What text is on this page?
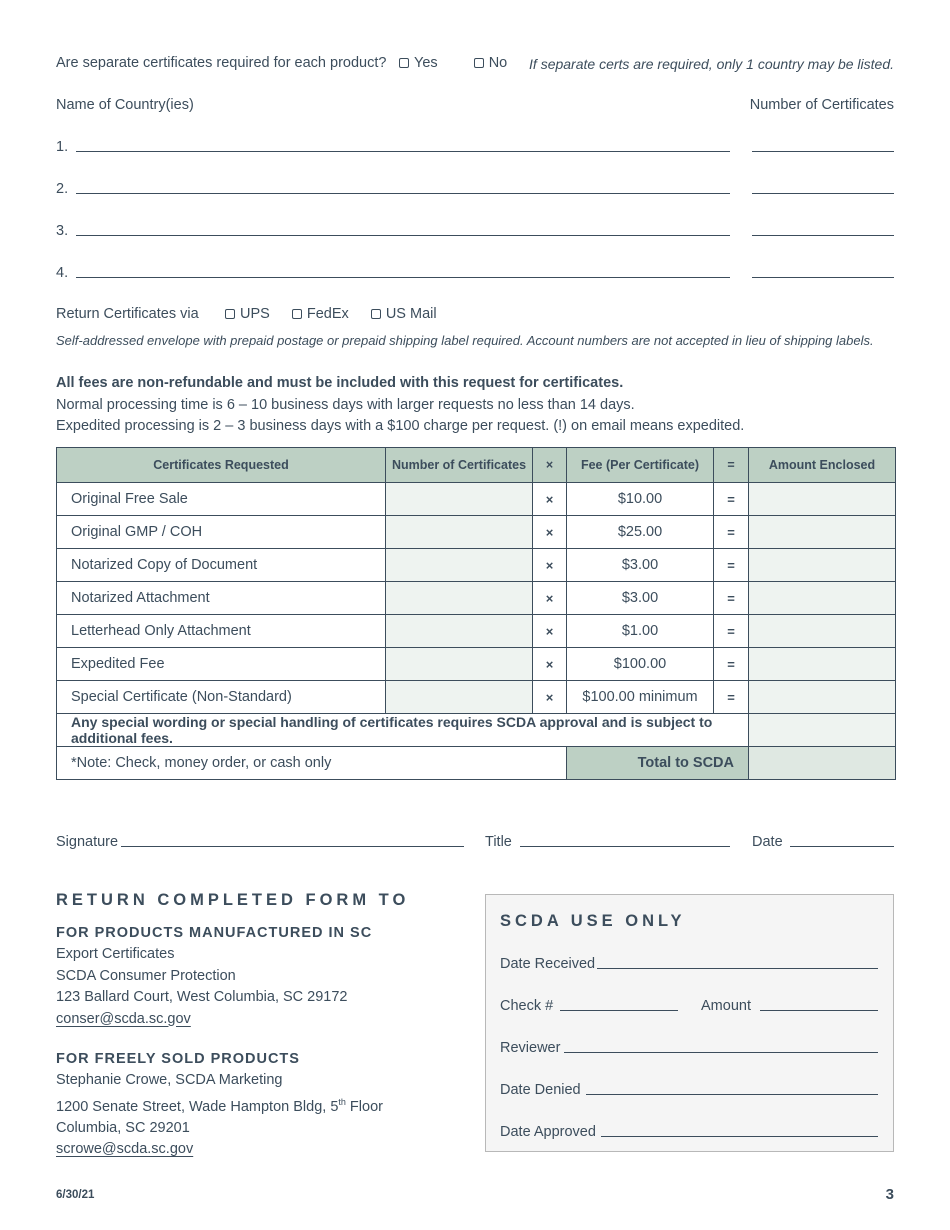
Are separate certificates required for each product?	Yes	No	If separate certs are required, only 1 country may be listed.
Name of Country(ies)	Number of Certificates
1.
2.
3.
4.
Return Certificates via	UPS	FedEx	US Mail
Self-addressed envelope with prepaid postage or prepaid shipping label required. Account numbers are not accepted in lieu of shipping labels.
All fees are non-refundable and must be included with this request for certificates.
Normal processing time is 6 – 10 business days with larger requests no less than 14 days.
Expedited processing is 2 – 3 business days with a $100 charge per request. (!) on email means expedited.
Certificates Requested	Number of Certificates	×	Fee (Per Certificate)	=	Amount Enclosed
Original Free Sale		×	$10.00	=	
Original GMP / COH		×	$25.00	=	
Notarized Copy of Document		×	$3.00	=	
Notarized Attachment		×	$3.00	=	
Letterhead Only Attachment		×	$1.00	=	
Expedited Fee		×	$100.00	=	
Special Certificate (Non-Standard)		×	$100.00 minimum	=	
Any special wording or special handling of certificates requires SCDA approval and is subject to additional fees.					
*Note: Check, money order, or cash only			Total to SCDA		
Signature	Title	Date
RETURN COMPLETED FORM TO
FOR PRODUCTS MANUFACTURED IN SC
Export Certificates
SCDA Consumer Protection
123 Ballard Court, West Columbia, SC 29172
conser@scda.sc.gov
FOR FREELY SOLD PRODUCTS
Stephanie Crowe, SCDA Marketing
1200 Senate Street, Wade Hampton Bldg, 5th Floor
Columbia, SC 29201
scrowe@scda.sc.gov
SCDA USE ONLY
Date Received
Check #	Amount
Reviewer
Date Denied
Date Approved
6/30/21	3
